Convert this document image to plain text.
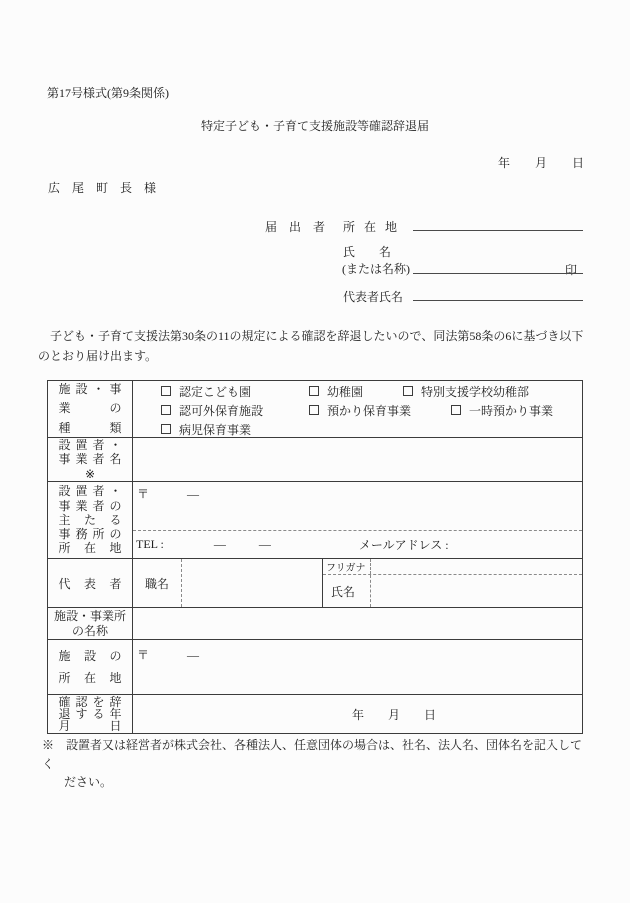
第17号様式(第9条関係)
特定子ども・子育て支援施設等確認辞退届
年 月 日
広　尾　町　長　様
届　出　者 所 在 地
氏　　名
(または名称)	印
代表者氏名
　子ども・子育て支援法第30条の11の規定による確認を辞退したいので、同法第58条の6に基づき以下
のとおり届け出ます。
施設・事
業の
種類
認定こども園	幼稚園	特別支援学校幼稚部
認可外保育施設	預かり保育事業	一時預かり事業
病児保育事業
設置者・
事業者名
※
設置者・
事業者の
主たる
事務所の
所在地
〒	―
TEL :	―	―	メールアドレス :
代表者	職名
フリガナ
氏名
施設・事業所
の名称
施設の
所在地
〒	―
確認を辞
退する年
月日
年　　月　　日
※　設置者又は経営者が株式会社、各種法人、任意団体の場合は、社名、法人名、団体名を記入してく
ださい。
